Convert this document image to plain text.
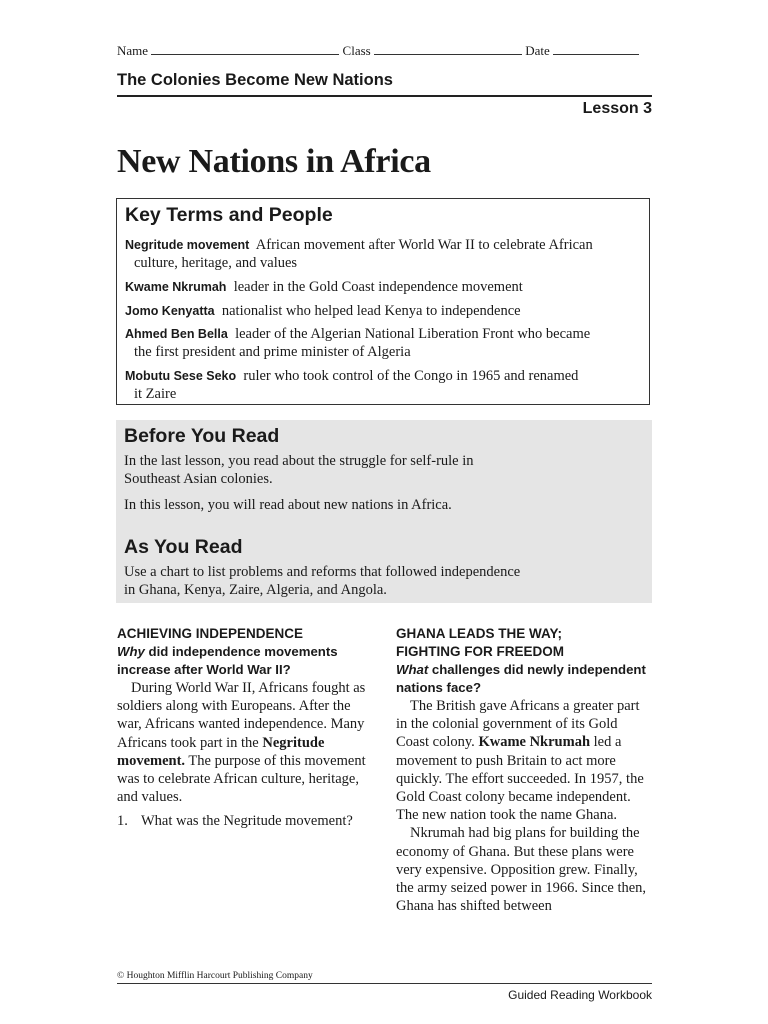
Name	Class	Date
The Colonies Become New Nations
Lesson 3
New Nations in Africa
Key Terms and People
Negritude movement African movement after World War II to celebrate African
culture, heritage, and values
Kwame Nkrumah leader in the Gold Coast independence movement
Jomo Kenyatta nationalist who helped lead Kenya to independence
Ahmed Ben Bella leader of the Algerian National Liberation Front who became
the first president and prime minister of Algeria
Mobutu Sese Seko ruler who took control of the Congo in 1965 and renamed
it Zaire
Before You Read

In the last lesson, you read about the struggle for self-rule in
Southeast Asian colonies.

In this lesson, you will read about new nations in Africa.

As You Read

Use a chart to list problems and reforms that followed independence
in Ghana, Kenya, Zaire, Algeria, and Angola.

ACHIEVING INDEPENDENCE
Why did independence movements increase after World War II?

During World War II, Africans fought as soldiers along with Europeans. After the war, Africans wanted independence. Many Africans took part in the Negritude movement. The purpose of this movement was to celebrate African culture, heritage, and values.

1. What was the Negritude movement?
GHANA LEADS THE WAY;
FIGHTING FOR FREEDOM
What challenges did newly independent nations face?

The British gave Africans a greater part in the colonial government of its Gold Coast colony. Kwame Nkrumah led a movement to push Britain to act more quickly. The effort succeeded. In 1957, the Gold Coast colony became independent. The new nation took the name Ghana.

Nkrumah had big plans for building the economy of Ghana. But these plans were very expensive. Opposition grew. Finally, the army seized power in 1966. Since then, Ghana has shifted between

© Houghton Mifflin Harcourt Publishing Company
Guided Reading Workbook
